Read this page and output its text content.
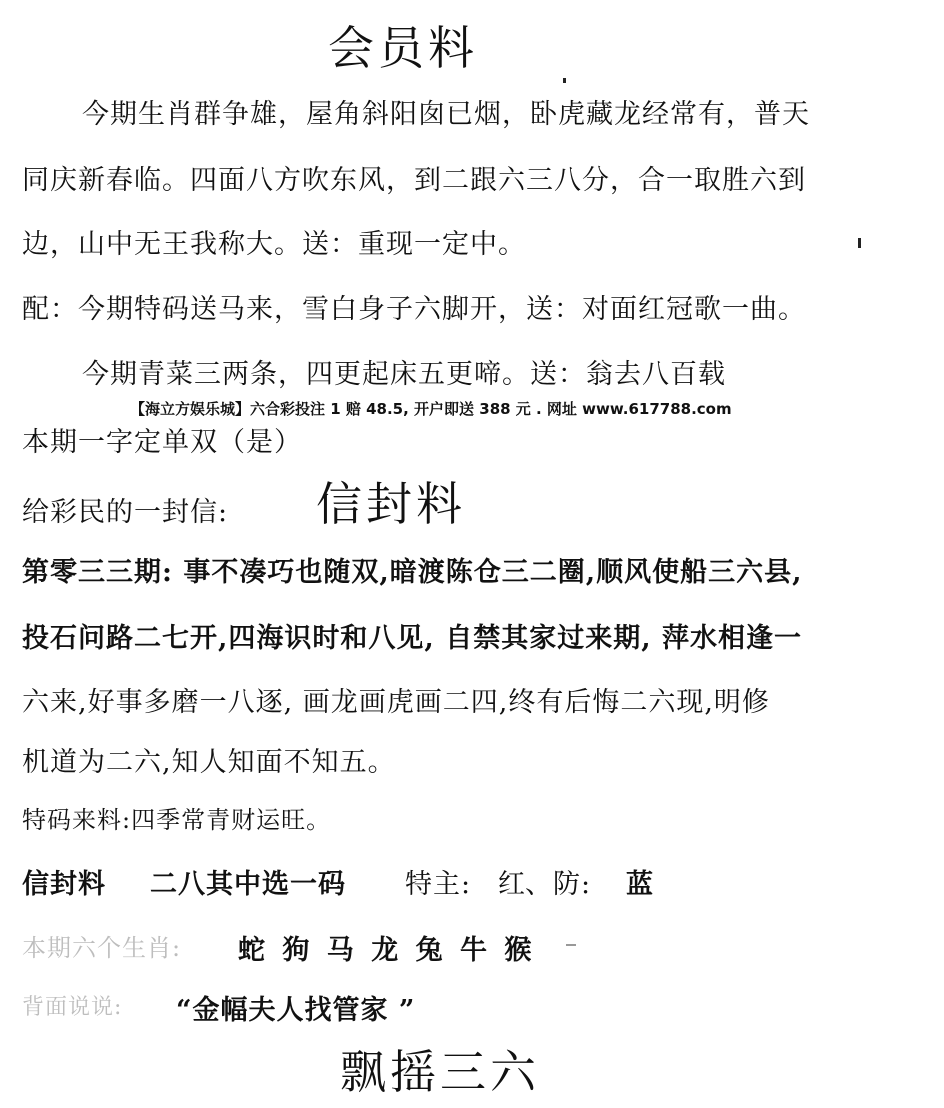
会员料
今期生肖群争雄，屋角斜阳囱已烟，卧虎藏龙经常有，普天
同庆新春临。四面八方吹东风，到二跟六三八分，合一取胜六到
边，山中无王我称大。送：重现一定中。
配：今期特码送马来，雪白身子六脚开，送：对面红冠歌一曲。
今期青菜三两条，四更起床五更啼。送：翁去八百载
【海立方娱乐城】六合彩投注 1 赔 48.5, 开户即送 388 元 . 网址 www.617788.com
本期一字定单双（是）
给彩民的一封信: 信封料
第零三三期: 事不凑巧也随双,暗渡陈仓三二圈,顺风使船三六县,
投石问路二七开,四海识时和八见, 自禁其家过来期, 萍水相逢一
六来,好事多磨一八逐, 画龙画虎画二四,终有后悔二六现,明修
机道为二六,知人知面不知五。
特码来料:四季常青财运旺。
信封料 二八其中选一码 特主: 红 、防: 蓝
本期六个生肖: 蛇 狗 马 龙 兔 牛 猴
背面说说: “金幅夫人找管家 ”
飘摇三六
